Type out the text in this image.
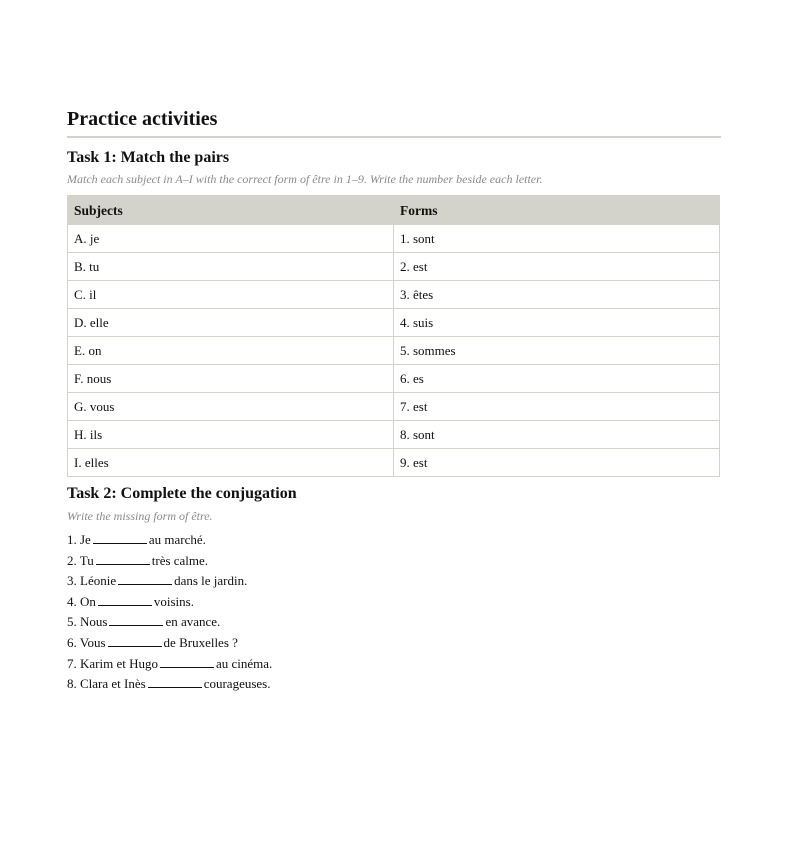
Practice activities
Task 1: Match the pairs
Match each subject in A–I with the correct form of être in 1–9. Write the number beside each letter.
Subjects	Forms
A. je	1. sont
B. tu	2. est
C. il	3. êtes
D. elle	4. suis
E. on	5. sommes
F. nous	6. es
G. vous	7. est
H. ils	8. sont
I. elles	9. est
Task 2: Complete the conjugation
Write the missing form of être.
1. Je	au marché.
2. Tu	très calme.
3. Léonie	dans le jardin.
4. On	voisins.
5. Nous	en avance.
6. Vous	de Bruxelles ?
7. Karim et Hugo	au cinéma.
8. Clara et Inès	courageuses.
